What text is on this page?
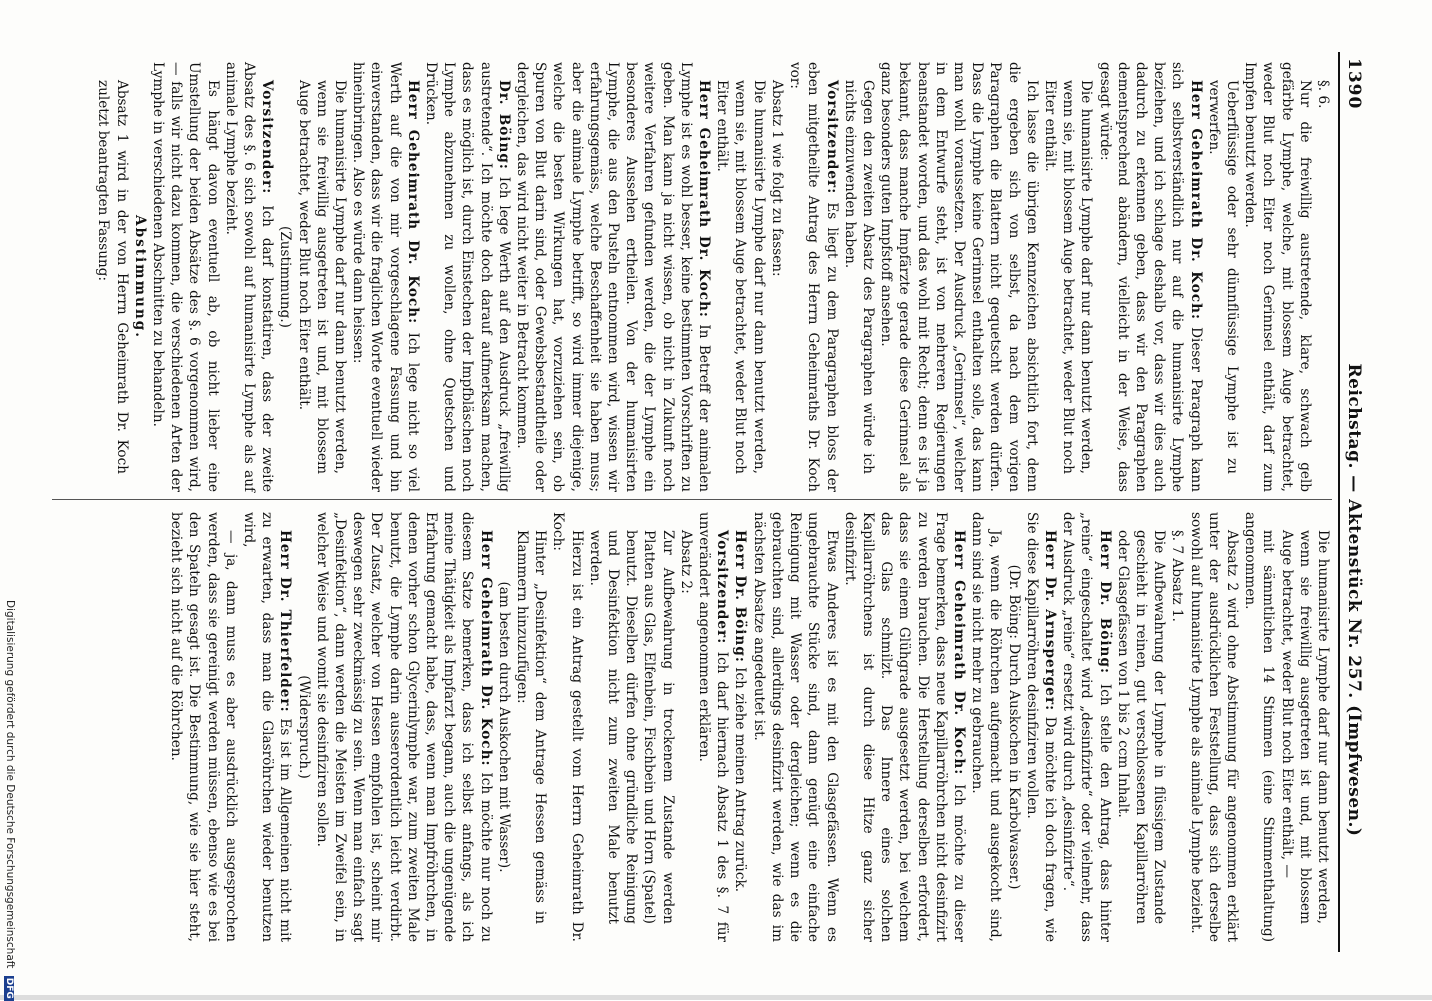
1390
Reichstag. — Aktenstück Nr. 257. (Impfwesen.)

§. 6.

Nur die freiwillig austretende, klare, schwach gelb gefärbte Lymphe, welche, mit blossem Auge betrachtet, weder Blut noch Eiter noch Gerinnsel enthält, darf zum Impfen benutzt werden.

Ueberflüssige oder sehr dünnflüssige Lymphe ist zu verwerfen.

Herr Geheimrath Dr. Koch: Dieser Paragraph kann sich selbstverständlich nur auf die humanisirte Lymphe beziehen, und ich schlage deshalb vor, dass wir dies auch dadurch zu erkennen geben, dass wir den Paragraphen dementsprechend abändern, vielleicht in der Weise, dass gesagt würde:

Die humanisirte Lymphe darf nur dann benutzt werden, wenn sie, mit blossem Auge betrachtet, weder Blut noch Eiter enthält.

Ich lasse die übrigen Kennzeichen absichtlich fort, denn die ergeben sich von selbst, da nach dem vorigen Paragraphen die Blattern nicht gequetscht werden dürfen. Dass die Lymphe keine Gerinnsel enthalten solle, das kann man wohl voraussetzen. Der Ausdruck „Gerinnsel“, welcher in dem Entwurfe steht, ist von mehreren Regierungen beanstandet worden, und das wohl mit Recht; denn es ist ja bekannt, dass manche Impfärzte gerade diese Gerinnsel als ganz besonders guten Impfstoff ansehen.

Gegen den zweiten Absatz des Paragraphen würde ich nichts einzuwenden haben.

Vorsitzender: Es liegt zu dem Paragraphen bloss der eben mitgetheilte Antrag des Herrn Geheimraths Dr. Koch vor:

Absatz 1 wie folgt zu fassen:

Die humanisirte Lymphe darf nur dann benutzt werden, wenn sie, mit blossem Auge betrachtet, weder Blut noch Eiter enthält.

Herr Geheimrath Dr. Koch: In Betreff der animalen Lymphe ist es wohl besser, keine bestimmten Vorschriften zu geben. Man kann ja nicht wissen, ob nicht in Zukunft noch weitere Verfahren gefunden werden, die der Lymphe ein besonderes Aussehen ertheilen. Von der humanisirten Lymphe, die aus den Pusteln entnommen wird, wissen wir erfahrungsgemäss, welche Beschaffenheit sie haben muss; aber die animale Lymphe betrifft, so wird immer diejenige, welche die besten Wirkungen hat, vorzuziehen sein, ob Spuren von Blut darin sind, oder Gewebsbestandtheile oder dergleichen, das wird nicht weiter in Betracht kommen.

Dr. Böing: Ich lege Werth auf den Ausdruck „freiwillig austretende“. Ich möchte doch darauf aufmerksam machen, dass es möglich ist, durch Einstechen der Impfbläschen noch Lymphe abzunehmen zu wollen, ohne Quetschen und Drücken.

Herr Geheimrath Dr. Koch: Ich lege nicht so viel Werth auf die von mir vorgeschlagene Fassung und bin einverstanden, dass wir die fraglichen Worte eventuell wieder hineinbringen. Also es würde dann heissen:

Die humanisirte Lymphe darf nur dann benutzt werden, wenn sie freiwillig ausgetreten ist und, mit blossem Auge betrachtet, weder Blut noch Eiter enthält.

(Zustimmung.)

Vorsitzender: Ich darf konstatiren, dass der zweite Absatz des §. 6 sich sowohl auf humanisirte Lymphe als auf animale Lymphe bezieht.

Es hängt davon eventuell ab, ob nicht lieber eine Umstellung der beiden Absätze des §. 6 vorgenommen wird, — falls wir nicht dazu kommen, die verschiedenen Arten der Lymphe in verschiedenen Abschnitten zu behandeln.

Abstimmung.

Absatz 1 wird in der von Herrn Geheimrath Dr. Koch zuletzt beantragten Fassung:

Die humanisirte Lymphe darf nur dann benutzt werden, wenn sie freiwillig ausgetreten ist und, mit blossem Auge betrachtet, weder Blut noch Eiter enthält, —

mit sämmtlichen 14 Stimmen (eine Stimmenthaltung) angenommen.

Absatz 2 wird ohne Abstimmung für angenommen erklärt unter der ausdrücklichen Feststellung, dass sich derselbe sowohl auf humanisirte Lymphe als animale Lymphe bezieht.

§. 7 Absatz 1.

Die Aufbewahrung der Lymphe in flüssigem Zustande geschieht in reinen, gut verschlossenen Kapillarröhren oder Glasgefässen von 1 bis 2 ccm Inhalt.

Herr Dr. Böing: Ich stelle den Antrag, dass hinter „reine“ eingeschaltet wird „desinfizirte“ oder vielmehr, dass der Ausdruck „reine“ ersetzt wird durch „desinfizirte“.

Herr Dr. Arnsperger: Da möchte ich doch fragen, wie Sie diese Kapillarröhren desinfiziren wollen.

(Dr. Böing: Durch Auskochen in Karbolwasser.)

Ja, wenn die Röhrchen aufgemacht und ausgekocht sind, dann sind sie nicht mehr zu gebrauchen.

Herr Geheimrath Dr. Koch: Ich möchte zu dieser Frage bemerken, dass neue Kapillarröhrchen nicht desinfizirt zu werden brauchen. Die Herstellung derselben erfordert, dass sie einem Glühgrade ausgesetzt werden, bei welchem das Glas schmilzt. Das Innere eines solchen Kapillarröhrchens ist durch diese Hitze ganz sicher desinfizirt.

Etwas Anderes ist es mit den Glasgefässen. Wenn es ungebrauchte Stücke sind, dann genügt eine einfache Reinigung mit Wasser oder dergleichen; wenn es die gebrauchten sind, allerdings desinfizirt werden, wie das im nächsten Absatze angedeutet ist.

Herr Dr. Böing: Ich ziehe meinen Antrag zurück.

Vorsitzender: Ich darf hiernach Absatz 1 des §. 7 für unverändert angenommen erklären.

Absatz 2:

Zur Aufbewahrung in trockenem Zustande werden Platten aus Glas, Elfenbein, Fischbein und Horn (Spatel) benutzt. Dieselben dürfen ohne gründliche Reinigung und Desinfektion nicht zum zweiten Male benutzt werden.

Hierzu ist ein Antrag gestellt vom Herrn Geheimrath Dr. Koch:

Hinter „Desinfektion“ dem Antrage Hessen gemäss in Klammern hinzuzufügen:

(am besten durch Auskochen mit Wasser).

Herr Geheimrath Dr. Koch: Ich möchte nur noch zu diesem Satze bemerken, dass ich selbst anfangs, als ich meine Thätigkeit als Impfarzt begann, auch die ungenügende Erfahrung gemacht habe, dass, wenn man Impfröhrchen, in denen vorher schon Glycerinlymphe war, zum zweiten Male benutzt, die Lymphe darin ausserordentlich leicht verdirbt. Der Zusatz, welcher von Hessen empfohlen ist, scheint mir deswegen sehr zweckmässig zu sein. Wenn man einfach sagt „Desinfektion“, dann werden die Meisten im Zweifel sein, in welcher Weise und womit sie desinfiziren sollen.

(Widerspruch.)

Herr Dr. Thierfelder: Es ist im Allgemeinen nicht mit zu erwarten, dass man die Glasröhrchen wieder benutzen wird,

— ja, dann muss es aber ausdrücklich ausgesprochen werden, dass sie gereinigt werden müssen, ebenso wie es bei den Spateln gesagt ist. Die Bestimmung, wie sie hier steht, bezieht sich nicht auf die Röhrchen.

Digitalisierung gefördert durch die Deutsche Forschungsgemeinschaft DFG
